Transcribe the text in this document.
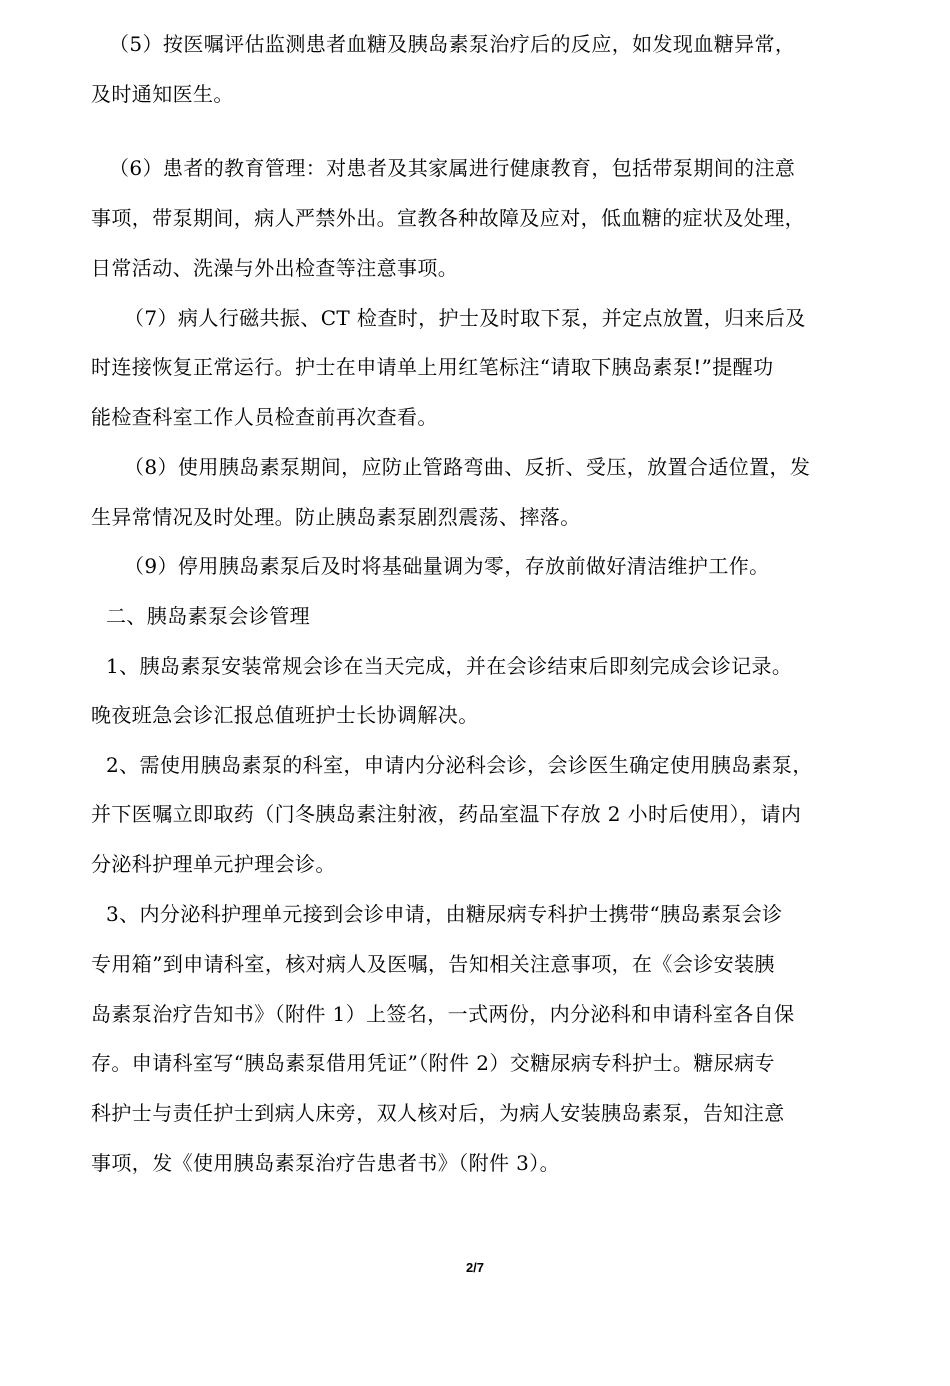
（5）按医嘱评估监测患者血糖及胰岛素泵治疗后的反应，如发现血糖异常，
及时通知医生。
（6）患者的教育管理：对患者及其家属进行健康教育，包括带泵期间的注意
事项，带泵期间，病人严禁外出。宣教各种故障及应对，低血糖的症状及处理，
日常活动、洗澡与外出检查等注意事项。
（7）病人行磁共振、CT 检查时，护士及时取下泵，并定点放置，归来后及
时连接恢复正常运行。护士在申请单上用红笔标注“请取下胰岛素泵!”提醒功
能检查科室工作人员检查前再次查看。
（8）使用胰岛素泵期间，应防止管路弯曲、反折、受压，放置合适位置，发
生异常情况及时处理。防止胰岛素泵剧烈震荡、摔落。
（9）停用胰岛素泵后及时将基础量调为零，存放前做好清洁维护工作。
二、胰岛素泵会诊管理
1、胰岛素泵安装常规会诊在当天完成，并在会诊结束后即刻完成会诊记录。
晚夜班急会诊汇报总值班护士长协调解决。
2、需使用胰岛素泵的科室，申请内分泌科会诊，会诊医生确定使用胰岛素泵，
并下医嘱立即取药（门冬胰岛素注射液，药品室温下存放 2 小时后使用），请内
分泌科护理单元护理会诊。
3、内分泌科护理单元接到会诊申请，由糖尿病专科护士携带“胰岛素泵会诊
专用箱”到申请科室，核对病人及医嘱，告知相关注意事项，在《会诊安装胰
岛素泵治疗告知书》（附件 1）上签名，一式两份，内分泌科和申请科室各自保
存。申请科室写“胰岛素泵借用凭证”（附件 2）交糖尿病专科护士。糖尿病专
科护士与责任护士到病人床旁，双人核对后，为病人安装胰岛素泵，告知注意
事项，发《使用胰岛素泵治疗告患者书》（附件 3）。
2/7
